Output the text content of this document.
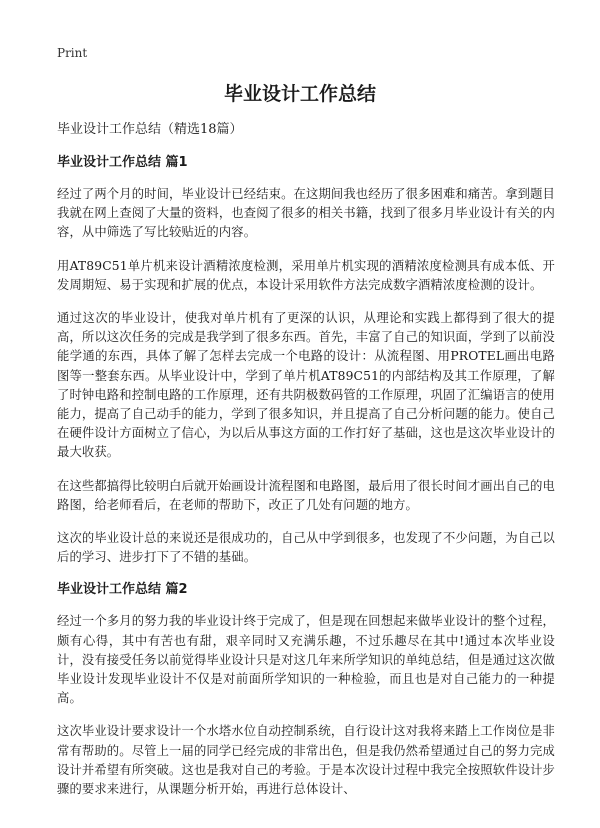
Print
毕业设计工作总结
毕业设计工作总结（精选18篇）
毕业设计工作总结 篇1

经过了两个月的时间，毕业设计已经结束。在这期间我也经历了很多困难和痛苦。拿到题目我就在网上查阅了大量的资料，也查阅了很多的相关书籍，找到了很多月毕业设计有关的内容，从中筛选了写比较贴近的内容。

用AT89C51单片机来设计酒精浓度检测，采用单片机实现的酒精浓度检测具有成本低、开发周期短、易于实现和扩展的优点，本设计采用软件方法完成数字酒精浓度检测的设计。

通过这次的毕业设计，使我对单片机有了更深的认识，从理论和实践上都得到了很大的提高，所以这次任务的完成是我学到了很多东西。首先，丰富了自己的知识面，学到了以前没能学通的东西，具体了解了怎样去完成一个电路的设计：从流程图、用PROTEL画出电路图等一整套东西。从毕业设计中，学到了单片机AT89C51的内部结构及其工作原理，了解了时钟电路和控制电路的工作原理，还有共阴极数码管的工作原理，巩固了汇编语言的使用能力，提高了自己动手的能力，学到了很多知识，并且提高了自己分析问题的能力。使自己在硬件设计方面树立了信心，为以后从事这方面的工作打好了基础，这也是这次毕业设计的最大收获。

在这些都搞得比较明白后就开始画设计流程图和电路图，最后用了很长时间才画出自己的电路图，给老师看后，在老师的帮助下，改正了几处有问题的地方。

这次的毕业设计总的来说还是很成功的，自己从中学到很多，也发现了不少问题，为自己以后的学习、进步打下了不错的基础。

毕业设计工作总结 篇2

经过一个多月的努力我的毕业设计终于完成了，但是现在回想起来做毕业设计的整个过程，颇有心得，其中有苦也有甜，艰辛同时又充满乐趣，不过乐趣尽在其中!通过本次毕业设计，没有接受任务以前觉得毕业设计只是对这几年来所学知识的单纯总结，但是通过这次做毕业设计发现毕业设计不仅是对前面所学知识的一种检验，而且也是对自己能力的一种提高。

这次毕业设计要求设计一个水塔水位自动控制系统，自行设计这对我将来踏上工作岗位是非常有帮助的。尽管上一届的同学已经完成的非常出色，但是我仍然希望通过自己的努力完成设计并希望有所突破。这也是我对自己的考验。于是本次设计过程中我完全按照软件设计步骤的要求来进行，从课题分析开始，再进行总体设计、
